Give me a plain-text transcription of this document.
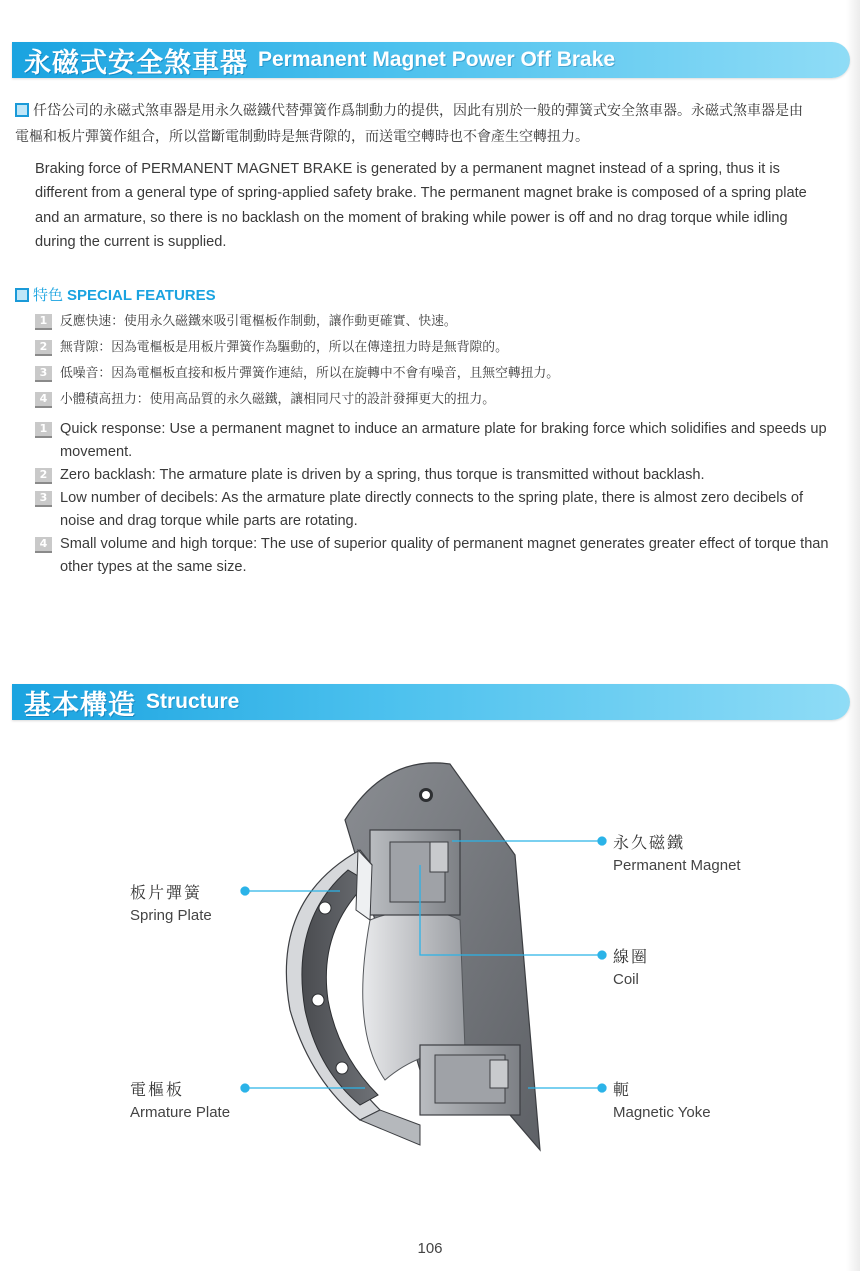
永磁式安全煞車器 Permanent Magnet Power Off Brake
仟岱公司的永磁式煞車器是用永久磁鐵代替彈簧作爲制動力的提供，因此有別於一般的彈簧式安全煞車器。永磁式煞車器是由電樞和板片彈簧作組合，所以當斷電制動時是無背隙的，而送電空轉時也不會產生空轉扭力。
Braking force of PERMANENT MAGNET BRAKE is generated by a permanent magnet instead of a spring, thus it is different from a general type of spring-applied safety brake. The permanent magnet brake is composed of a spring plate and an armature, so there is no backlash on the moment of braking while power is off and no drag torque while idling during the current is supplied.
特色 SPECIAL FEATURES
1 反應快速：使用永久磁鐵來吸引電樞板作制動，讓作動更確實、快速。
2 無背隙：因為電樞板是用板片彈簧作為驅動的，所以在傳達扭力時是無背隙的。
3 低噪音：因為電樞板直接和板片彈簧作連結，所以在旋轉中不會有噪音，且無空轉扭力。
4 小體積高扭力：使用高品質的永久磁鐵，讓相同尺寸的設計發揮更大的扭力。
1 Quick response: Use a permanent magnet to induce an armature plate for braking force which solidifies and speeds up movement.
2 Zero backlash: The armature plate is driven by a spring, thus torque is transmitted without backlash.
3 Low number of decibels: As the armature plate directly connects to the spring plate, there is almost zero decibels of noise and drag torque while parts are rotating.
4 Small volume and high torque: The use of superior quality of permanent magnet generates greater effect of torque than other types at the same size.
基本構造 Structure
板片彈簧
Spring Plate
電樞板
Armature Plate
永久磁鐵
Permanent Magnet
線圈
Coil
軛
Magnetic Yoke
106
